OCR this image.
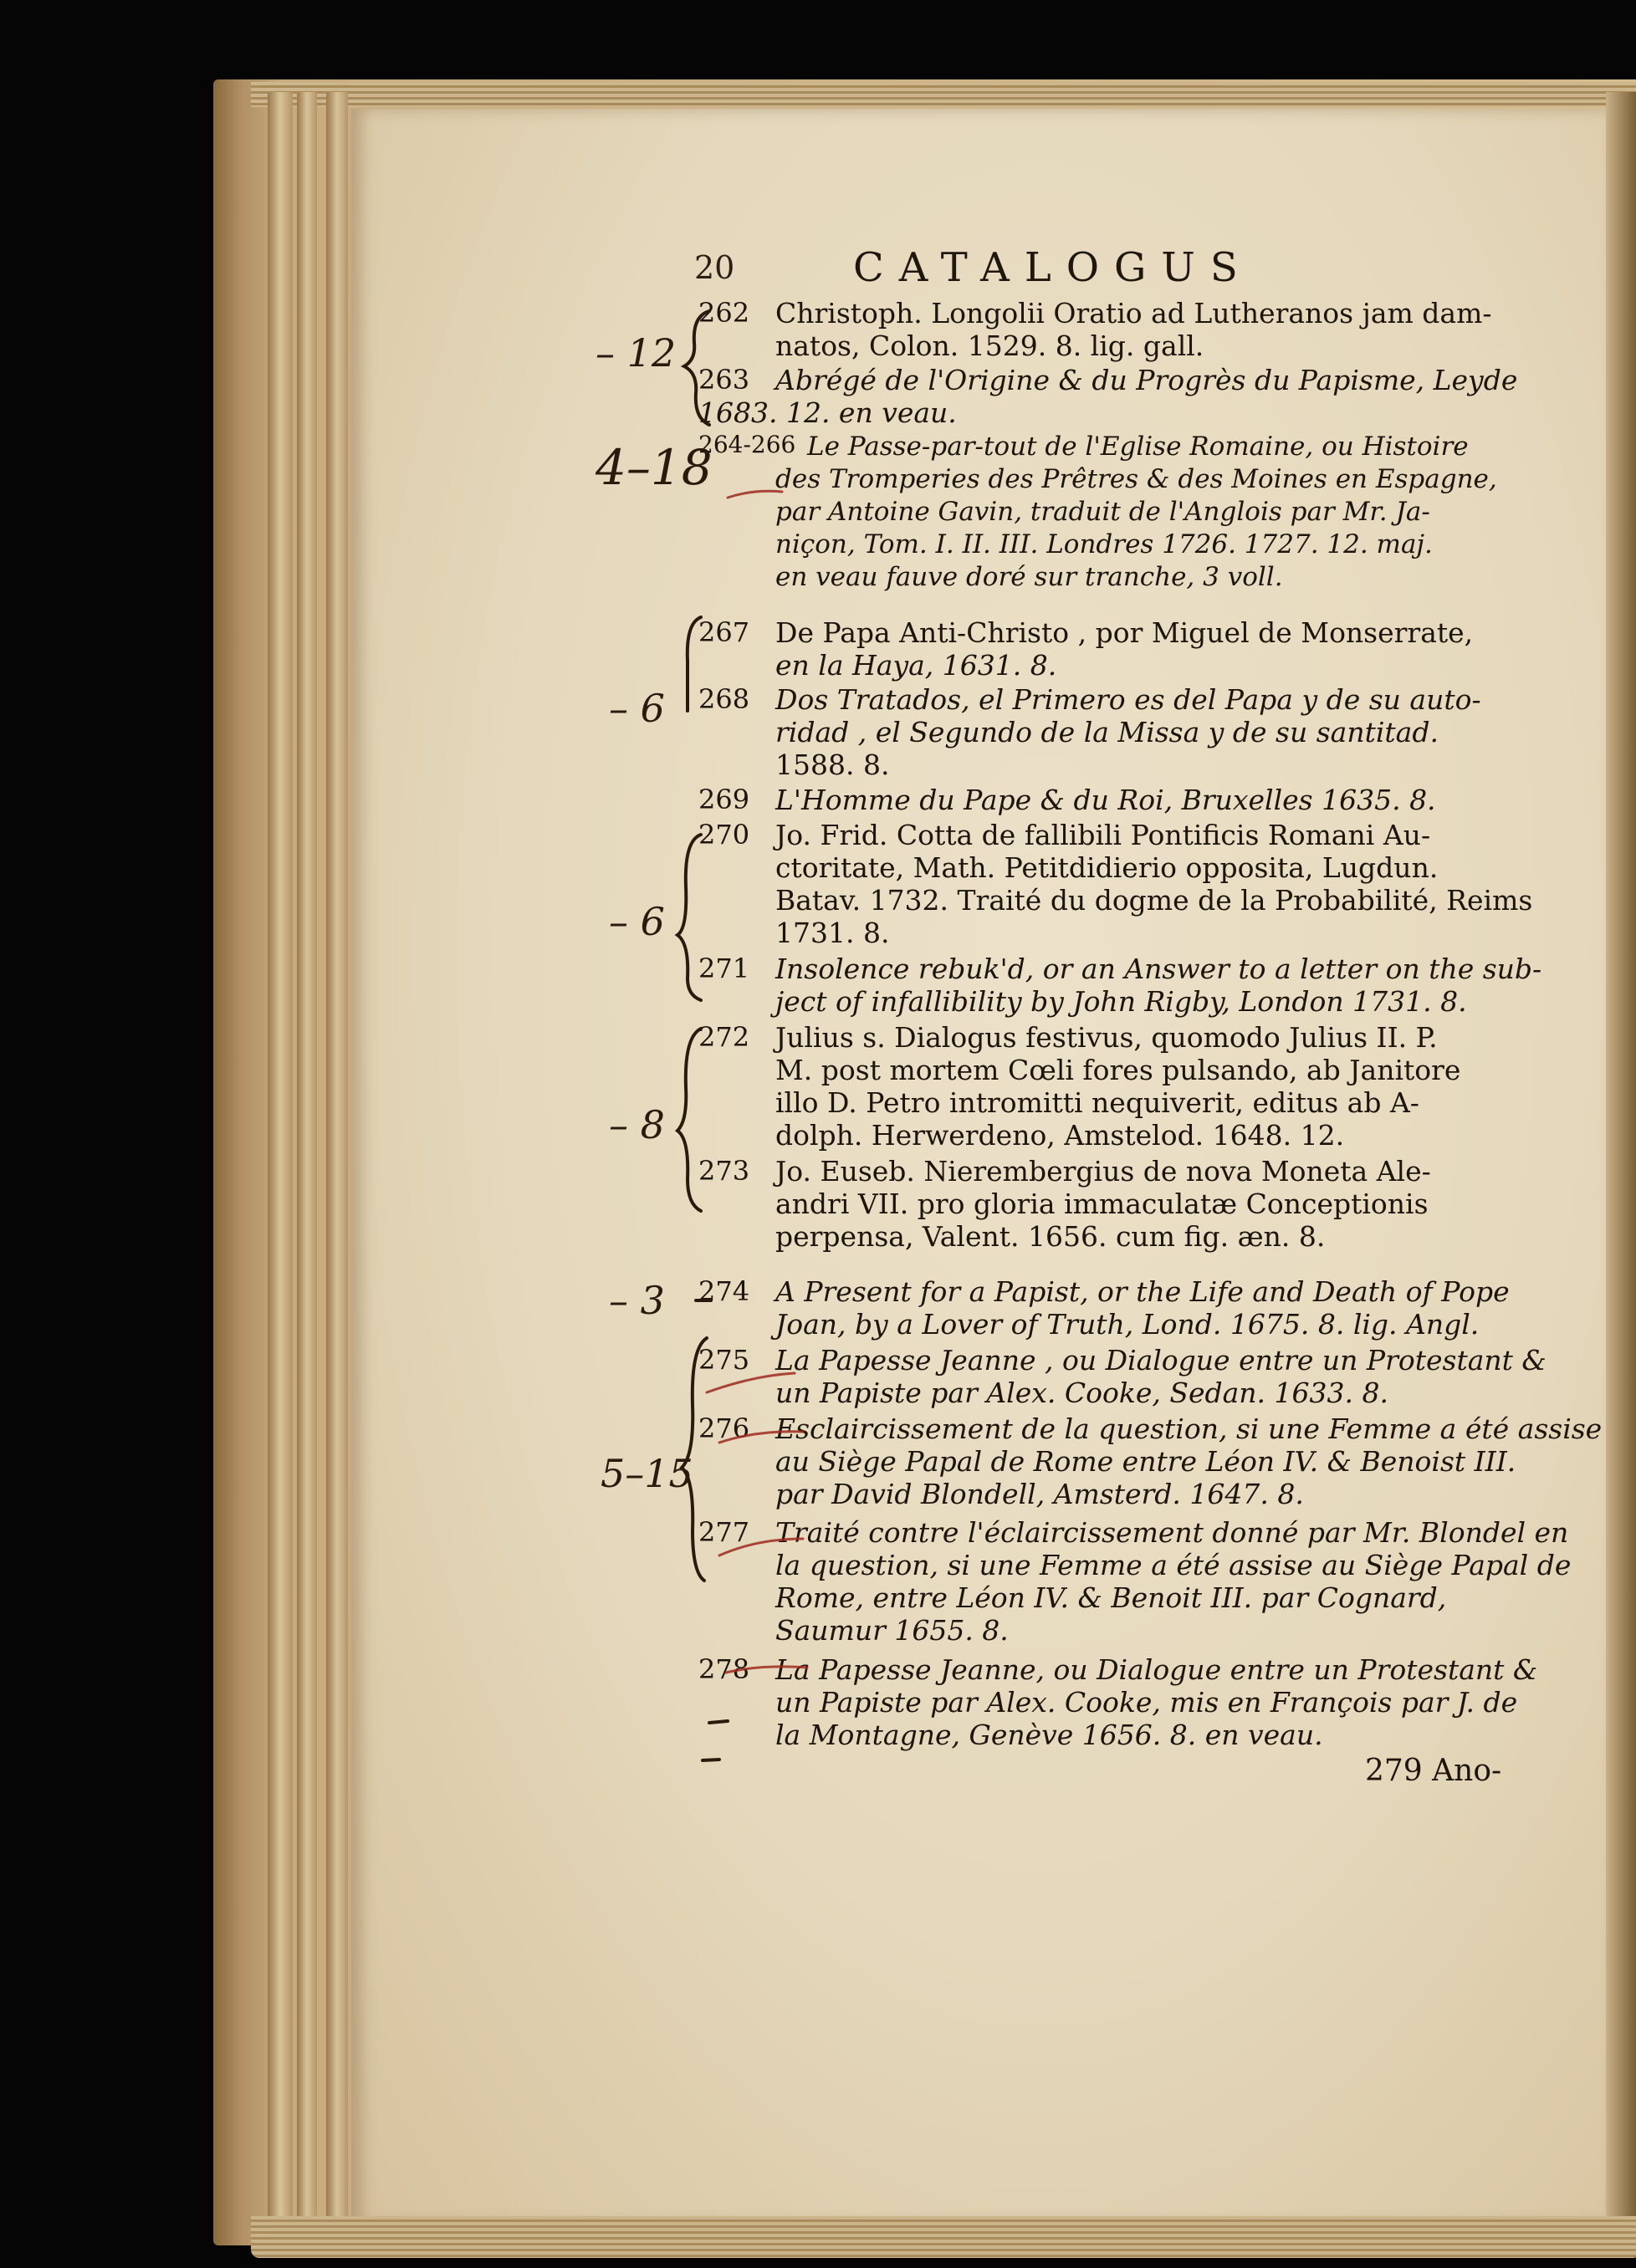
20	CATALOGUS
262 Christoph. Longolii Oratio ad Lutheranos jam dam-
natos, Colon. 1529. 8. lig. gall.
263 Abrégé de l'Origine & du Progrès du Papisme, Leyde
1683. 12. en veau.
264-266 Le Passe-par-tout de l'Eglise Romaine, ou Histoire
des Tromperies des Prêtres & des Moines en Espagne,
par Antoine Gavin, traduit de l'Anglois par Mr. Ja-
niçon, Tom. I. II. III. Londres 1726. 1727. 12. maj.
en veau fauve doré sur tranche, 3 voll.
267 De Papa Anti-Christo , por Miguel de Monserrate,
en la Haya, 1631. 8.
268 Dos Tratados, el Primero es del Papa y de su auto-
ridad , el Segundo de la Missa y de su santitad.
1588. 8.
269 L'Homme du Pape & du Roi, Bruxelles 1635. 8.
270 Jo. Frid. Cotta de fallibili Pontificis Romani Au-
ctoritate, Math. Petitdidierio opposita, Lugdun.
Batav. 1732. Traité du dogme de la Probabilité, Reims
1731. 8.
271 Insolence rebuk'd, or an Answer to a letter on the sub-
ject of infallibility by John Rigby, London 1731. 8.
272 Julius s. Dialogus festivus, quomodo Julius II. P.
M. post mortem Cœli fores pulsando, ab Janitore
illo D. Petro intromitti nequiverit, editus ab A-
dolph. Herwerdeno, Amstelod. 1648. 12.
273 Jo. Euseb. Nierembergius de nova Moneta Ale-
andri VII. pro gloria immaculatæ Conceptionis
perpensa, Valent. 1656. cum fig. æn. 8.
274 A Present for a Papist, or the Life and Death of Pope
Joan, by a Lover of Truth, Lond. 1675. 8. lig. Angl.
275 La Papesse Jeanne , ou Dialogue entre un Protestant &
un Papiste par Alex. Cooke, Sedan. 1633. 8.
276 Esclaircissement de la question, si une Femme a été assise
au Siège Papal de Rome entre Léon IV. & Benoist III.
par David Blondell, Amsterd. 1647. 8.
277 Traité contre l'éclaircissement donné par Mr. Blondel en
la question, si une Femme a été assise au Siège Papal de
Rome, entre Léon IV. & Benoit III. par Cognard,
Saumur 1655. 8.
278 La Papesse Jeanne, ou Dialogue entre un Protestant &
un Papiste par Alex. Cooke, mis en François par J. de
la Montagne, Genève 1656. 8. en veau.
279 Ano-
– 12
4–18
– 6
– 6
– 8
– 3
5–15
